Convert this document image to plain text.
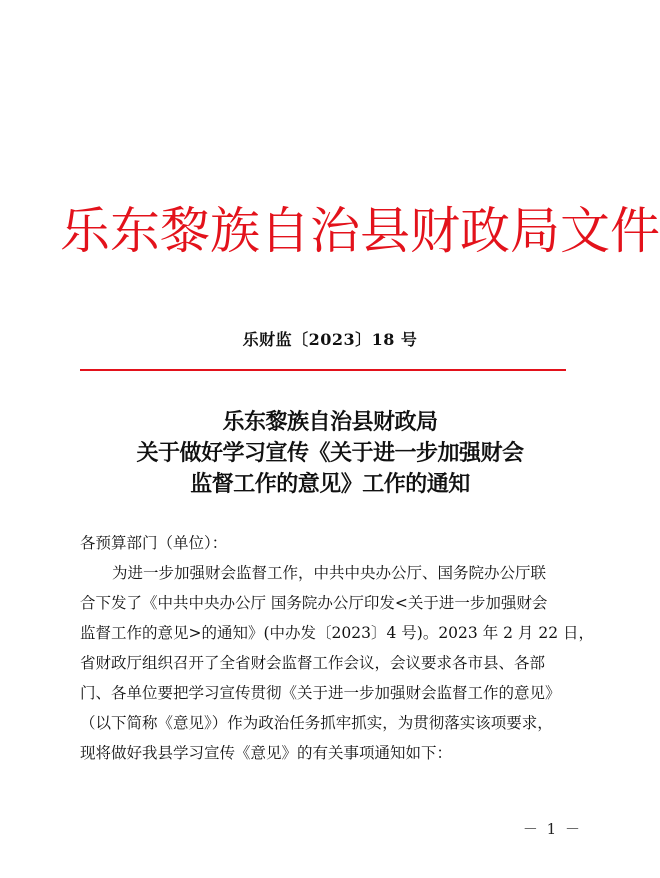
乐东黎族自治县财政局文件
乐财监〔2023〕18 号
乐东黎族自治县财政局
关于做好学习宣传《关于进一步加强财会
监督工作的意见》工作的通知
各预算部门（单位）：
为进一步加强财会监督工作，中共中央办公厅、国务院办公厅联
合下发了《中共中央办公厅 国务院办公厅印发<关于进一步加强财会
监督工作的意见>的通知》(中办发〔2023〕4 号)。2023 年 2 月 22 日，
省财政厅组织召开了全省财会监督工作会议，会议要求各市县、各部
门、各单位要把学习宣传贯彻《关于进一步加强财会监督工作的意见》
（以下简称《意见》）作为政治任务抓牢抓实，为贯彻落实该项要求，
现将做好我县学习宣传《意见》的有关事项通知如下：
－ 1 －
